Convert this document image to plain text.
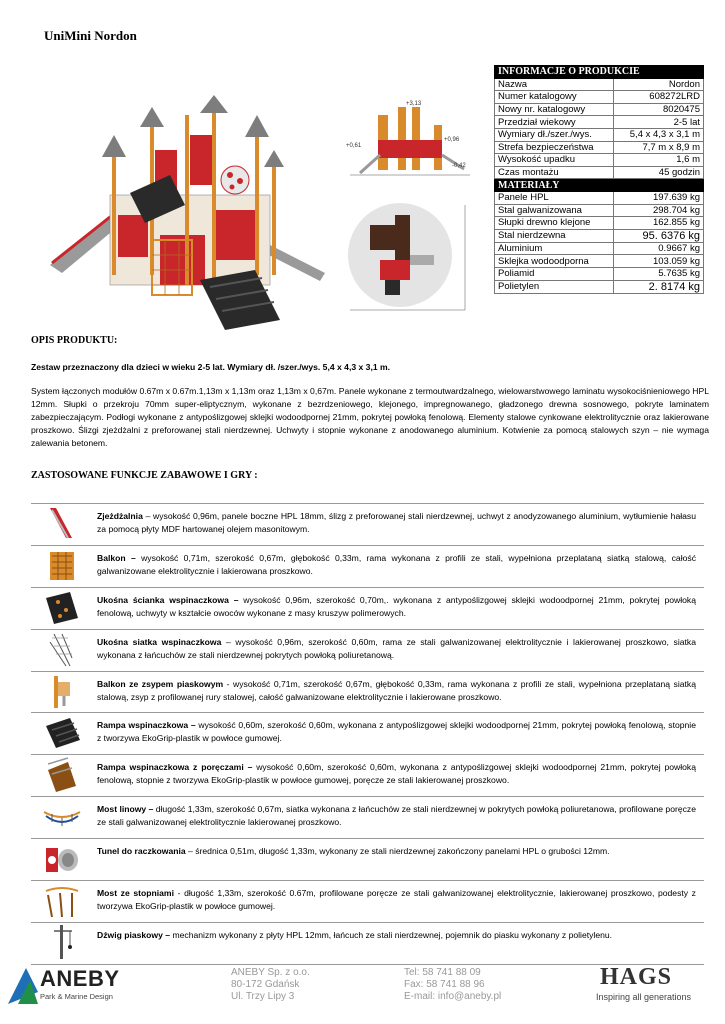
UniMini Nordon
+3,13
+0,96
+0,61
-0,42
INFORMACJE O PRODUKCIE	
Nazwa	Nordon
Numer katalogowy	608272LRD
Nowy nr. katalogowy	8020475
Przedział wiekowy	2-5 lat
Wymiary dł./szer./wys.	5,4 x 4,3 x 3,1 m
Strefa bezpieczeństwa	7,7 m x 8,9 m
Wysokość upadku	1,6 m
Czas montażu	45 godzin
MATERIAŁY	
Panele HPL	197.639 kg
Stal galwanizowana	298.704 kg
Słupki drewno klejone	162.855 kg
Stal nierdzewna	95. 6376 kg
Aluminium	0.9667 kg
Sklejka wodoodporna	103.059 kg
Poliamid	5.7635 kg
Polietylen	2. 8174 kg
OPIS PRODUKTU:
Zestaw przeznaczony dla dzieci w wieku 2-5 lat. Wymiary dł. /szer./wys. 5,4 x 4,3 x 3,1 m.
System łączonych modułów 0.67m x 0.67m.1,13m x 1,13m oraz 1,13m x 0,67m. Panele wykonane z termoutwardzalnego, wielowarstwowego laminatu wysokociśnieniowego HPL 12mm. Słupki o przekroju 70mm super-eliptycznym, wykonane z bezrdzeniowego, klejonego, impregnowanego, gładzonego drewna sosnowego, pokryte laminatem zabezpieczającym. Podłogi wykonane z antypoślizgowej sklejki wodoodpornej 21mm, pokrytej powłoką fenolową. Elementy stalowe cynkowane elektrolitycznie oraz lakierowane proszkowo. Ślizgi zjeżdżalni z preforowanej stali nierdzewnej. Uchwyty i stopnie wykonane z anodowanego aluminium. Kotwienie za pomocą stalowych szyn – nie wymaga zalewania betonem.
ZASTOSOWANE FUNKCJE ZABAWOWE I GRY :
Zjeżdżalnia – wysokość 0,96m, panele boczne HPL 18mm, ślizg z preforowanej stali nierdzewnej, uchwyt z anodyzowanego aluminium, wytłumienie hałasu za pomocą płyty MDF hartowanej olejem masonitowym.
Balkon – wysokość 0,71m, szerokość 0,67m, głębokość 0,33m, rama wykonana z profili ze stali, wypełniona przeplataną siatką stalową, całość galwanizowane elektrolitycznie i lakierowana proszkowo.
Ukośna ścianka wspinaczkowa – wysokość 0,96m, szerokość 0,70m,. wykonana z antypoślizgowej sklejki wodoodpornej 21mm, pokrytej powłoką fenolową, uchwyty w kształcie owoców wykonane z masy kruszyw polimerowych.
Ukośna siatka wspinaczkowa – wysokość 0,96m, szerokość 0,60m, rama ze stali galwanizowanej elektrolitycznie i lakierowanej proszkowo, siatka wykonana z łańcuchów ze stali nierdzewnej pokrytych powłoką poliuretanową.
Balkon ze zsypem piaskowym - wysokość 0,71m, szerokość 0,67m, głębokość 0,33m, rama wykonana z profili ze stali, wypełniona przeplataną siatką stalową, zsyp z profilowanej rury stalowej, całość galwanizowane elektrolitycznie i lakierowane proszkowo.
Rampa wspinaczkowa – wysokość 0,60m, szerokość 0,60m, wykonana z antypoślizgowej sklejki wodoodpornej 21mm, pokrytej powłoką fenolową, stopnie z tworzywa EkoGrip-plastik w powłoce gumowej.
Rampa wspinaczkowa z poręczami – wysokość 0,60m, szerokość 0,60m, wykonana z antypoślizgowej sklejki wodoodpornej 21mm, pokrytej powłoką fenolową, stopnie z tworzywa EkoGrip-plastik w powłoce gumowej, poręcze ze stali lakierowanej proszkowo.
Most linowy – długość 1,33m, szerokość 0,67m, siatka wykonana z łańcuchów ze stali nierdzewnej w pokrytych powłoką poliuretanowa, profilowane poręcze ze stali galwanizowanej elektrolitycznie lakierowanej proszkowo.
Tunel do raczkowania – średnica 0,51m, długość 1,33m, wykonany ze stali nierdzewnej zakończony panelami HPL o grubości 12mm.
Most ze stopniami - długość 1,33m, szerokość 0.67m, profilowane poręcze ze stali galwanizowanej elektrolitycznie, lakierowanej proszkowo, podesty z tworzywa EkoGrip-plastik w powłoce gumowej.
Dźwig piaskowy – mechanizm wykonany z płyty HPL 12mm, łańcuch ze stali nierdzewnej, pojemnik do piasku wykonany z polietylenu.
ANEBY
Park & Marine Design
ANEBY Sp. z o.o.
80-172 Gdańsk
Ul. Trzy Lipy 3
Tel: 58 741 88 09
Fax: 58 741 88 96
E-mail: info@aneby.pl
HAGS
Inspiring all generations
